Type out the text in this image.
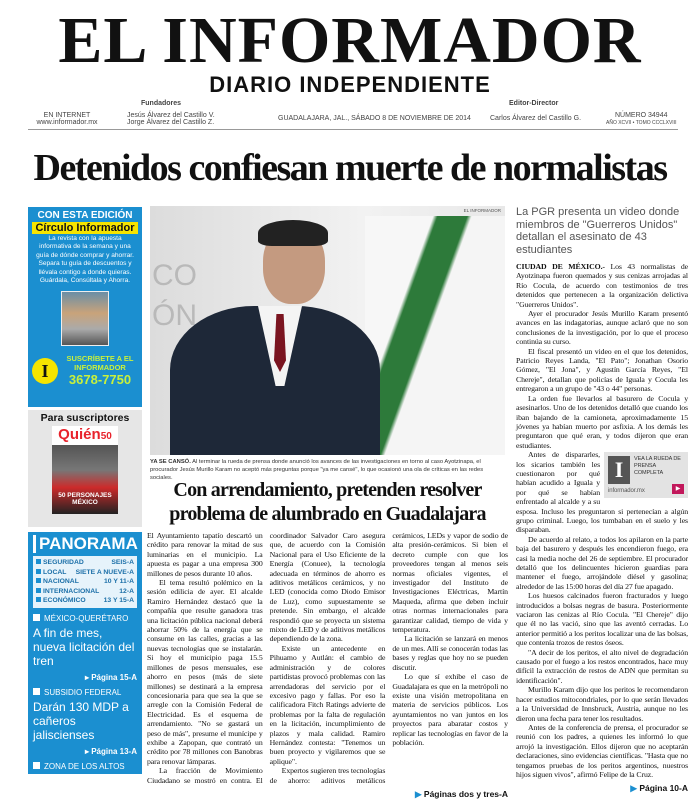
EL INFORMADOR
DIARIO INDEPENDIENTE
Fundadores
EN INTERNET
www.informador.mx
Jesús Álvarez del Castillo V.
Jorge Álvarez del Castillo Z.
GUADALAJARA, JAL., SÁBADO 8 DE NOVIEMBRE DE 2014
Editor-Director
Carlos Álvarez del Castillo G.	NÚMERO 34944
AÑO XCVII • TOMO CCCLXVIII
Detenidos confiesan muerte de normalistas
CON ESTA EDICIÓN
Círculo Informador
La revista con la apuesta informativa de la semana y una guía de dónde comprar y ahorrar. Separa tu guía de descuentos y llévala contigo a donde quieras. Guárdala, Consúltala y Ahorra.
I
SUSCRÍBETE A EL INFORMADOR
3678-7750
Para suscriptores
Quién50
50 PERSONAJES MÉXICO
PANORAMA
SEGURIDAD	SEIS-A
LOCAL SIETE A NUEVE-A
NACIONAL	10 Y 11-A
INTERNACIONAL	12-A
ECONÓMICO	13 Y 15-A
MÉXICO-QUERÉTARO
A fin de mes, nueva licitación del tren
▸ Página 15-A
SUBSIDIO FEDERAL
Darán 130 MDP a cañeros jaliscienses
▸ Página 13-A
ZONA DE LOS ALTOS
CO
ÓN
EL INFORMADOR
YA SE CANSÓ. Al terminar la rueda de prensa donde anunció los avances de las investigaciones en torno al caso Ayotzinapa, el procurador Jesús Murillo Karam no aceptó más preguntas porque "ya me cansé", lo que ocasionó una ola de críticas en las redes sociales.
Con arrendamiento, pretenden resolver problema de alumbrado en Guadalajara

El Ayuntamiento tapatío descartó un crédito para renovar la mitad de sus luminarias en el municipio. La apuesta es pagar a una empresa 300 millones de pesos durante 10 años.

El tema resultó polémico en la sesión edilicia de ayer. El alcalde Ramiro Hernández destacó que la compañía que resulte ganadora tras una licitación pública nacional deberá ahorrar 50% de la energía que se consume en las calles, gracias a las nuevas tecnologías que se instalarán. Si hoy el municipio paga 15.5 millones de pesos mensuales, ese ahorro en pesos (más de siete millones) se destinará a la empresa concesionaria para que sea la que se arregle con la Comisión Federal de Electricidad. Es el esquema de arrendamiento. "No se gastará un peso de más", presume el munícipe y exhibe a Zapopan, que contrató un crédito por 78 millones con Banobras para renovar lámparas.

La fracción de Movimiento Ciudadano se mostró en contra. El coordinador Salvador Caro asegura que, de acuerdo con la Comisión Nacional para el Uso Eficiente de la Energía (Conuee), la tecnología adecuada en términos de ahorro es aditivos metálicos cerámicos, y no LED (conocida como Diodo Emisor de Luz), como supuestamente se pretende. Sin embargo, el alcalde respondió que se proyecta un sistema mixto de LED y de aditivos metálicos dependiendo de la zona.

Existe un antecedente en Pihuamo y Autlán: el cambio de administración y de colores partidistas provocó problemas con las arrendadoras del servicio por el excesivo pago y fallas. Por eso la calificadora Fitch Ratings advierte de problemas por la falta de regulación en la licitación, incumplimiento de plazos y mala calidad. Ramiro Hernández contesta: "Tenemos un buen proyecto y vigilaremos que se aplique".

Expertos sugieren tres tecnologías de ahorro: aditivos metálicos cerámicos, LEDs y vapor de sodio de alta presión-cerámicos. Si bien el decreto cumple con que los proveedores tengan al menos seis normas oficiales vigentes, el investigador del Instituto de Investigaciones Eléctricas, Martín Maqueda, afirma que deben incluir otras normas internacionales para garantizar calidad, tiempo de vida y temperatura.

La licitación se lanzará en menos de un mes. Allí se conocerán todas las bases y reglas que hoy no se pueden discutir.

Lo que sí exhibe el caso de Guadalajara es que en la metrópoli no existe una visión metropolitana en materia de servicios públicos. Los ayuntamientos no van juntos en los proyectos para abaratar costos y replicar las tecnologías en favor de la población.

▶ Páginas dos y tres-A
La PGR presenta un video donde miembros de "Guerreros Unidos" detallan el asesinato de 43 estudiantes

CIUDAD DE MÉXICO.- Los 43 normalistas de Ayotzinapa fueron quemados y sus cenizas arrojadas al Río Cocula, de acuerdo con testimonios de tres detenidos que pertenecen a la organización delictiva "Guerreros Unidos".

Ayer el procurador Jesús Murillo Karam presentó avances en las indagatorias, aunque aclaró que no son conclusiones de la investigación, por lo que el proceso continúa su curso.

El fiscal presentó un video en el que los detenidos, Patricio Reyes Landa, "El Pato"; Jonathan Osorio Gómez, "El Jona", y Agustín García Reyes, "El Chereje", detallan que policías de Iguala y Cocula les entregaron a un grupo de "43 o 44" personas.

La orden fue llevarlos al basurero de Cocula y asesinarlos. Uno de los detenidos detalló que cuando los iban bajando de la camioneta, aproximadamente 15 jóvenes ya habían muerto por asfixia. A los demás les preguntaron que qué eran, y todos dijeron que eran estudiantes.

I	VEA LA RUEDA DE PRENSA COMPLETA
informador.mx	▶

Antes de dispararles, los sicarios también les cuestionaron por qué habían acudido a Iguala y por qué se habían enfrentado al alcalde y a su esposa. Incluso les preguntaron si pertenecían a algún grupo criminal. Luego, los tumbaban en el suelo y les disparaban.

De acuerdo al relato, a todos los apilaron en la parte baja del basurero y después les encendieron fuego, era casi la media noche del 26 de septiembre. El procurador detalló que los delincuentes hicieron guardias para mantener el fuego, arrojándole diésel y gasolina; alrededor de las 15:00 horas del día 27 fue apagado.

Los huesos calcinados fueron fracturados y luego introducidos a bolsas negras de basura. Posteriormente vaciaron las cenizas al Río Cocula. "El Chereje" dijo que él no las vació, sino que las aventó cerradas. Lo anterior permitió a los peritos localizar una de las bolsas, que contenía trozos de restos óseos.

"A decir de los peritos, el alto nivel de degradación causado por el fuego a los restos encontrados, hace muy difícil la extracción de restos de ADN que permitan su identificación".

Murillo Karam dijo que los peritos le recomendaron hacer estudios mitocondriales, por lo que serán llevados a la Universidad de Innsbruck, Austria, aunque no les dieron una fecha para tener los resultados.

Antes de la conferencia de prensa, el procurador se reunió con los padres, a quienes les informó lo que arrojó la investigación. Ellos dijeron que no aceptarán declaraciones, sino evidencias científicas. "Hasta que no tengamos pruebas de los peritos argentinos, nuestros hijos siguen vivos", afirmó Felipe de la Cruz.

▶ Página 10-A
